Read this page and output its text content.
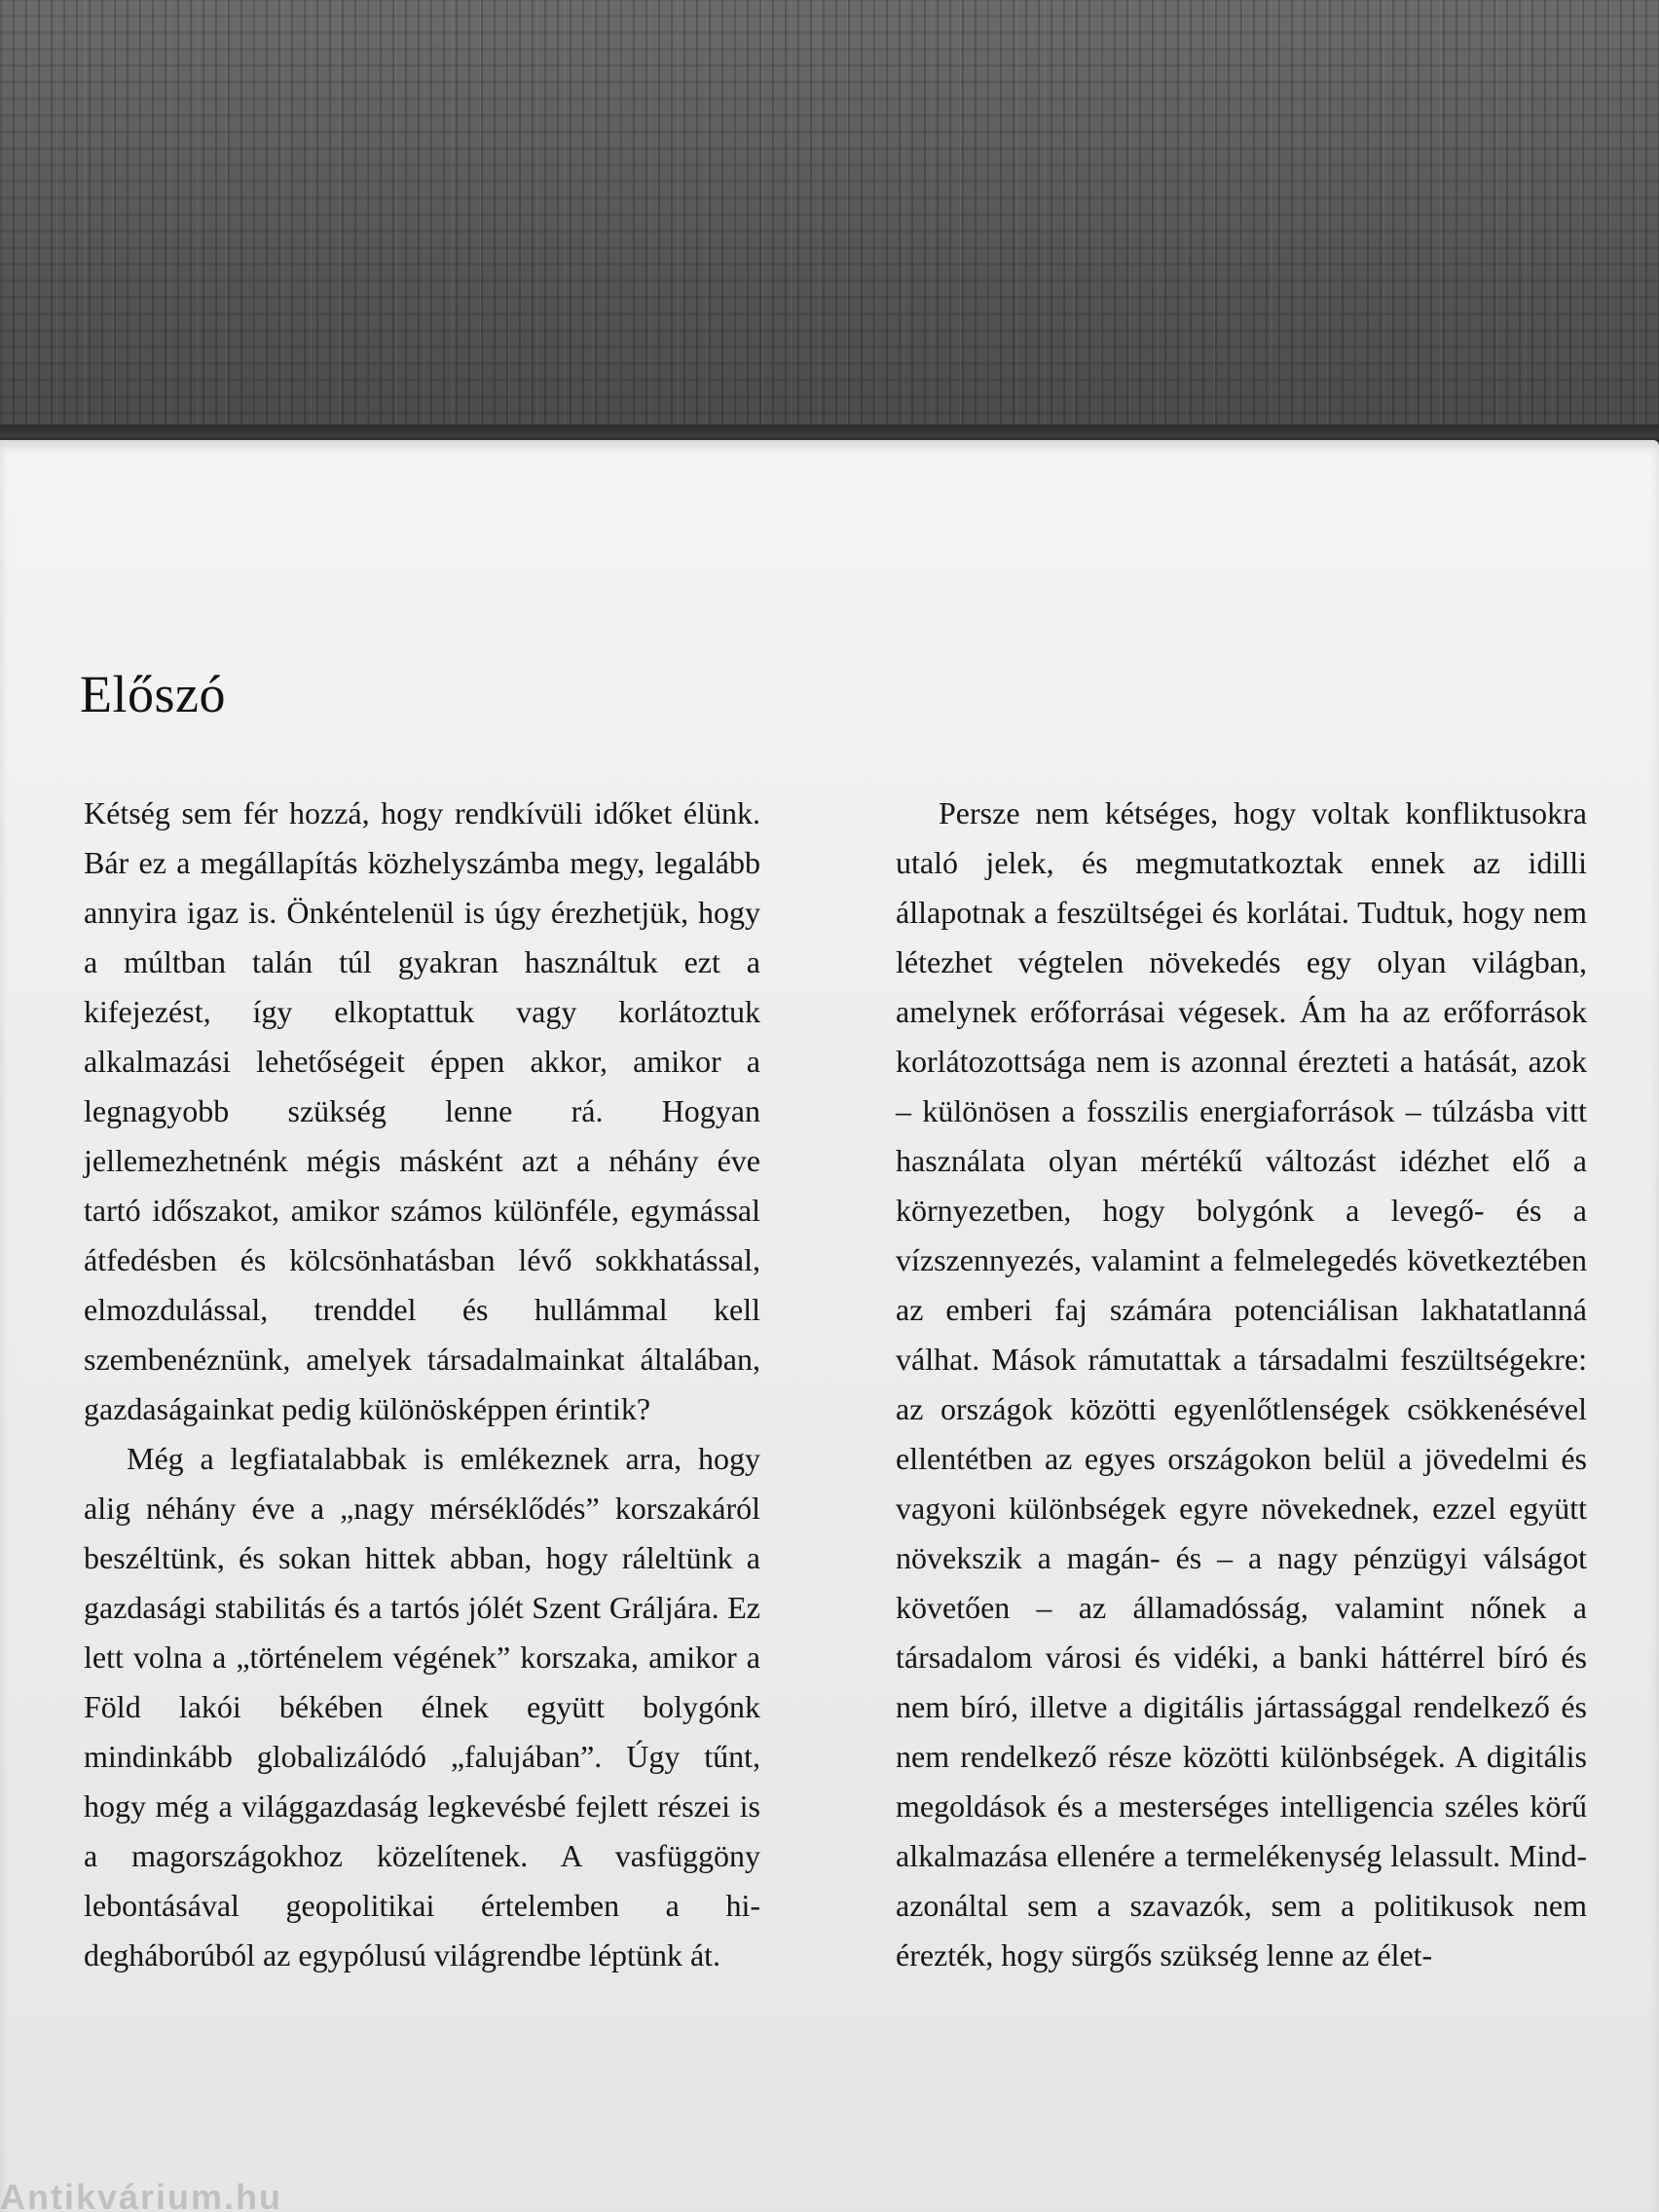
Előszó

Kétség sem fér hozzá, hogy rendkívüli időket élünk. Bár ez a megállapítás közhelyszámba megy, legalább annyira igaz is. Önkéntelenül is úgy érezhetjük, hogy a múltban talán túl gyakran használtuk ezt a kifejezést, így elkoptattuk vagy korlátoztuk alkalmazási lehetőségeit éppen akkor, amikor a legnagyobb szükség lenne rá. Hogyan jellemezhetnénk mégis másként azt a néhány éve tartó időszakot, amikor számos különféle, egymással átfedésben és kölcsönhatásban lévő sokkhatással, elmozdulással, trenddel és hullámmal kell szembenéznünk, amelyek társadalmainkat általában, gazdaságainkat pedig különösképpen érintik?

Még a legfiatalabbak is emlékeznek arra, hogy alig néhány éve a „nagy mérséklődés” korszakáról beszéltünk, és sokan hittek abban, hogy ráleltünk a gazdasági stabilitás és a tartós jólét Szent Gráljára. Ez lett volna a „történelem végének” korszaka, amikor a Föld lakói békében élnek együtt bolygónk mindinkább globalizálódó „falujában”. Úgy tűnt, hogy még a világgazdaság legkevésbé fejlett részei is a magországokhoz közelítenek. A vasfüggöny lebontásával geopolitikai értelemben a hidegháborúból az egypólusú világrendbe léptünk át.

Persze nem kétséges, hogy voltak konfliktusokra utaló jelek, és megmutatkoztak ennek az idilli állapotnak a feszültségei és korlátai. Tudtuk, hogy nem létezhet végtelen növekedés egy olyan világban, amelynek erőforrásai végesek. Ám ha az erőforrások korlátozottsága nem is azonnal érezteti a hatását, azok – különösen a fosszilis energiaforrások – túlzásba vitt használata olyan mértékű változást idézhet elő a környezetben, hogy bolygónk a levegő- és a vízszennyezés, valamint a felmelegedés következtében az emberi faj számára potenciálisan lakhatatlanná válhat. Mások rámutattak a társadalmi feszültségekre: az országok közötti egyenlőtlenségek csökkenésével ellentétben az egyes országokon belül a jövedelmi és vagyoni különbségek egyre növekednek, ezzel együtt növekszik a magán- és – a nagy pénzügyi válságot követően – az államadósság, valamint nőnek a társadalom városi és vidéki, a banki háttérrel bíró és nem bíró, illetve a digitális jártassággal rendelkező és nem rendelkező része közötti különbségek. A digitális megoldások és a mesterséges intelligencia széles körű alkalmazása ellenére a termelékenység lelassult. Mindazonáltal sem a szavazók, sem a politikusok nem érezték, hogy sürgős szükség lenne az élet-

Antikvárium.hu
